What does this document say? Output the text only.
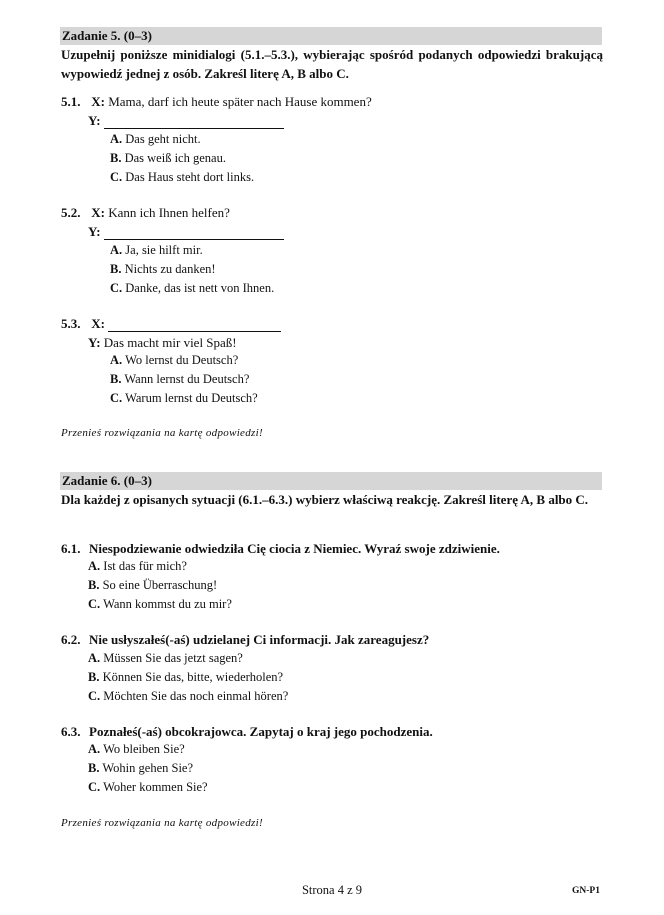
Zadanie 5. (0–3)
Uzupełnij poniższe minidialogi (5.1.–5.3.), wybierając spośród podanych odpowiedzi brakującą wypowiedź jednej z osób. Zakreśl literę A, B albo C.
5.1. X: Mama, darf ich heute später nach Hause kommen?
Y:
A. Das geht nicht.
B. Das weiß ich genau.
C. Das Haus steht dort links.
5.2. X: Kann ich Ihnen helfen?
Y:
A. Ja, sie hilft mir.
B. Nichts zu danken!
C. Danke, das ist nett von Ihnen.
5.3. X:
Y: Das macht mir viel Spaß!
A. Wo lernst du Deutsch?
B. Wann lernst du Deutsch?
C. Warum lernst du Deutsch?
Przenieś rozwiązania na kartę odpowiedzi!
Zadanie 6. (0–3)
Dla każdej z opisanych sytuacji (6.1.–6.3.) wybierz właściwą reakcję. Zakreśl literę A, B albo C.
6.1. Niespodziewanie odwiedziła Cię ciocia z Niemiec. Wyraź swoje zdziwienie.
A. Ist das für mich?
B. So eine Überraschung!
C. Wann kommst du zu mir?
6.2. Nie usłyszałeś(-aś) udzielanej Ci informacji. Jak zareagujesz?
A. Müssen Sie das jetzt sagen?
B. Können Sie das, bitte, wiederholen?
C. Möchten Sie das noch einmal hören?
6.3. Poznałeś(-aś) obcokrajowca. Zapytaj o kraj jego pochodzenia.
A. Wo bleiben Sie?
B. Wohin gehen Sie?
C. Woher kommen Sie?
Przenieś rozwiązania na kartę odpowiedzi!
Strona 4 z 9	GN-P1
